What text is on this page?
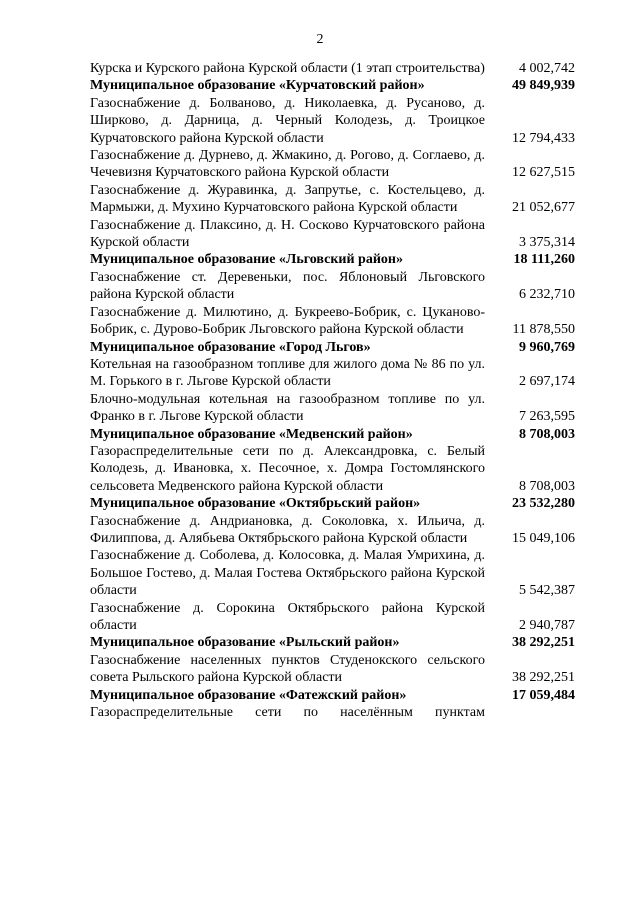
2
Курска и Курского района Курской области (1 этап строительства) 4 002,742
Муниципальное образование «Курчатовский район»	49 849,939
Газоснабжение д. Болваново, д. Николаевка, д. Русаново, д. Ширково, д. Дарница, д. Черный Колодезь, д. Троицкое Курчатовского района Курской области	12 794,433
Газоснабжение д. Дурнево, д. Жмакино, д. Рогово, д. Соглаево, д. Чечевизня Курчатовского района Курской области	12 627,515
Газоснабжение д. Журавинка, д. Запрутье, с. Костельцево, д. Мармыжи, д. Мухино Курчатовского района Курской области	21 052,677
Газоснабжение д. Плаксино, д. Н. Сосково Курчатовского района Курской области	3 375,314
Муниципальное образование «Льговский район»	18 111,260
Газоснабжение ст. Деревеньки, пос. Яблоновый Льговского района Курской области	6 232,710
Газоснабжение д. Милютино, д. Букреево-Бобрик, с. Цуканово-Бобрик, с. Дурово-Бобрик Льговского района Курской области	11 878,550
Муниципальное образование «Город Льгов»	9 960,769
Котельная на газообразном топливе для жилого дома № 86 по ул. М. Горького в г. Льгове Курской области	2 697,174
Блочно-модульная котельная на газообразном топливе по ул. Франко в г. Льгове Курской области	7 263,595
Муниципальное образование «Медвенский район»	8 708,003
Газораспределительные сети по д. Александровка, с. Белый Колодезь, д. Ивановка, х. Песочное, х. Домра Гостомлянского сельсовета Медвенского района Курской области	8 708,003
Муниципальное образование «Октябрьский район»	23 532,280
Газоснабжение д. Андриановка, д. Соколовка, х. Ильича, д. Филиппова, д. Алябьева Октябрьского района Курской области	15 049,106
Газоснабжение д. Соболева, д. Колосовка, д. Малая Умрихина, д. Большое Гостево, д. Малая Гостева Октябрьского района Курской области	5 542,387
Газоснабжение д. Сорокина Октябрьского района Курской области	2 940,787
Муниципальное образование «Рыльский район»	38 292,251
Газоснабжение населенных пунктов Студенокского сельского совета Рыльского района Курской области	38 292,251
Муниципальное образование «Фатежский район»	17 059,484
Газораспределительные сети по населённым пунктам
